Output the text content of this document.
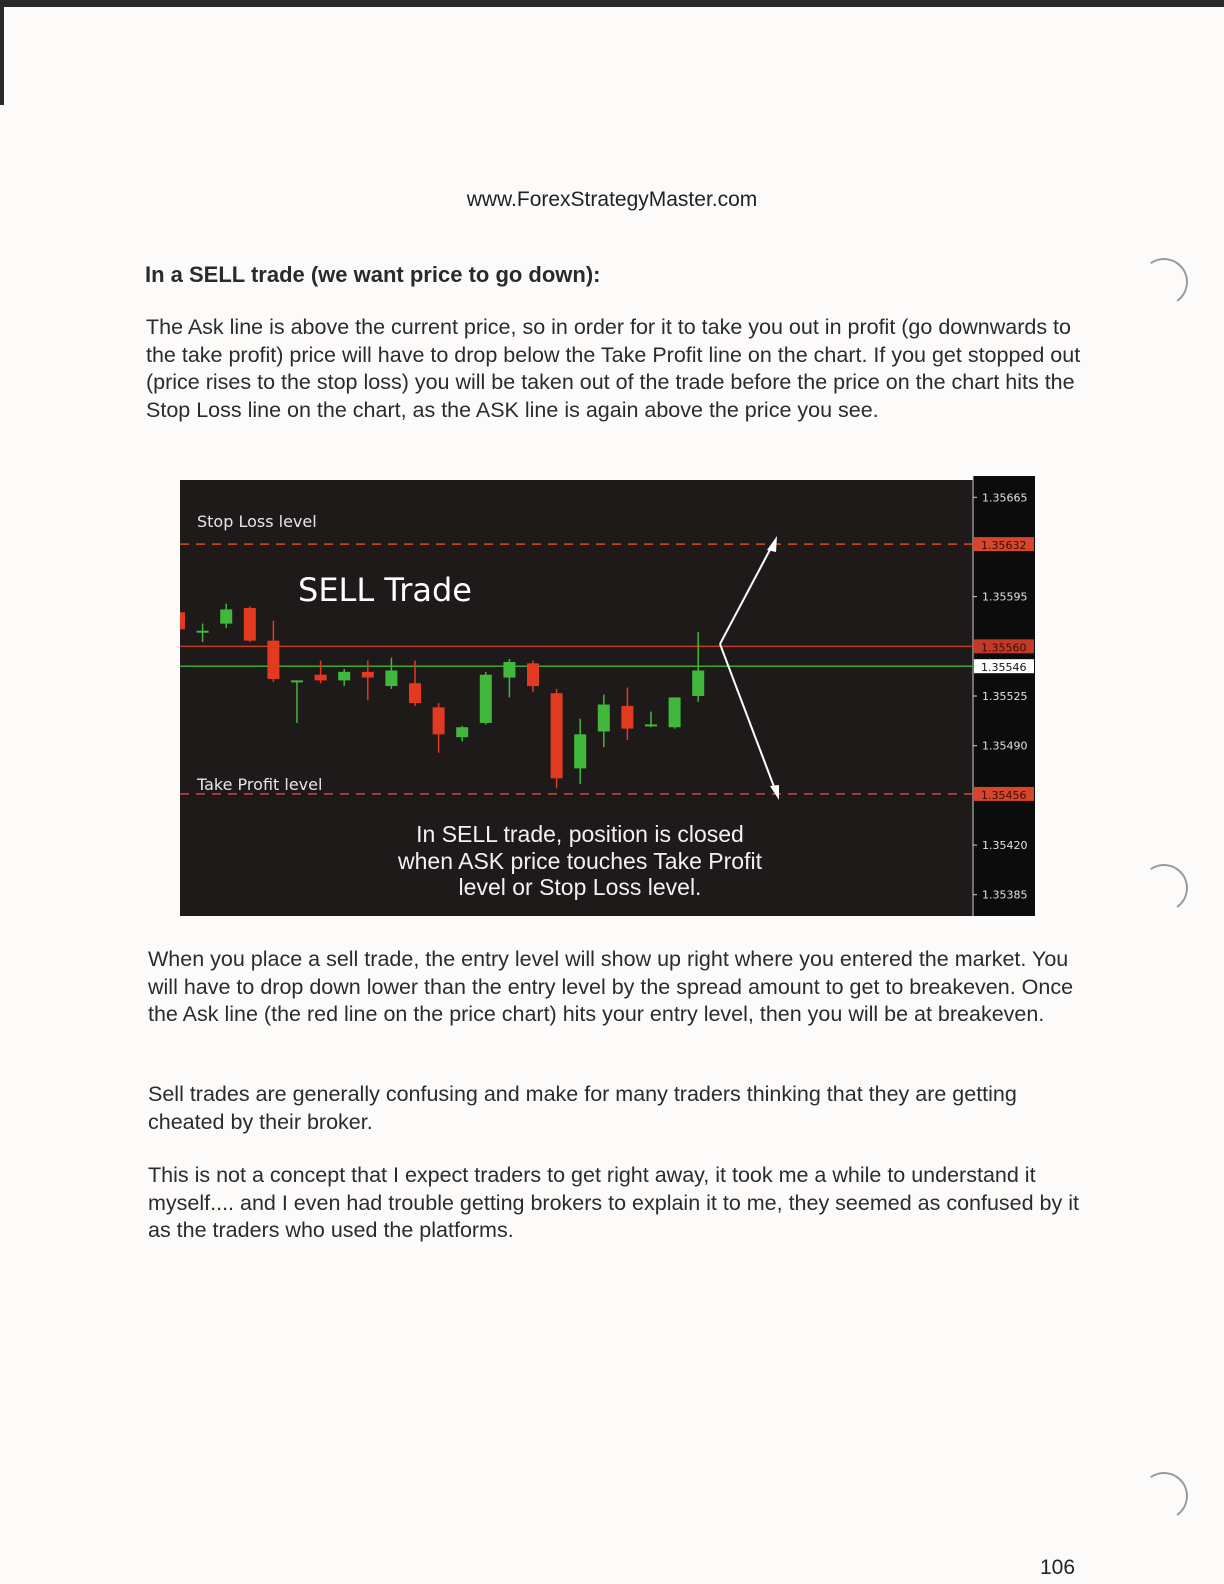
www.ForexStrategyMaster.com
In a SELL trade (we want price to go down):

The Ask line is above the current price, so in order for it to take you out in profit (go downwards to the take profit) price will have to drop below the Take Profit line on the chart. If you get stopped out (price rises to the stop loss) you will be taken out of the trade before the price on the chart hits the Stop Loss line on the chart, as the ASK line is again above the price you see.

1.35632
1.35560
1.35546
1.35456
1.35665
1.35595
1.35525
1.35490
1.35420
1.35385
Stop Loss level
Take Profit level
SELL Trade
In SELL trade, position is closed
when ASK price touches Take Profit
level or Stop Loss level.

When you place a sell trade, the entry level will show up right where you entered the market. You will have to drop down lower than the entry level by the spread amount to get to breakeven. Once the Ask line (the red line on the price chart) hits your entry level, then you will be at breakeven.

Sell trades are generally confusing and make for many traders thinking that they are getting cheated by their broker.

This is not a concept that I expect traders to get right away, it took me a while to understand it myself.... and I even had trouble getting brokers to explain it to me, they seemed as confused by it as the traders who used the platforms.

106
